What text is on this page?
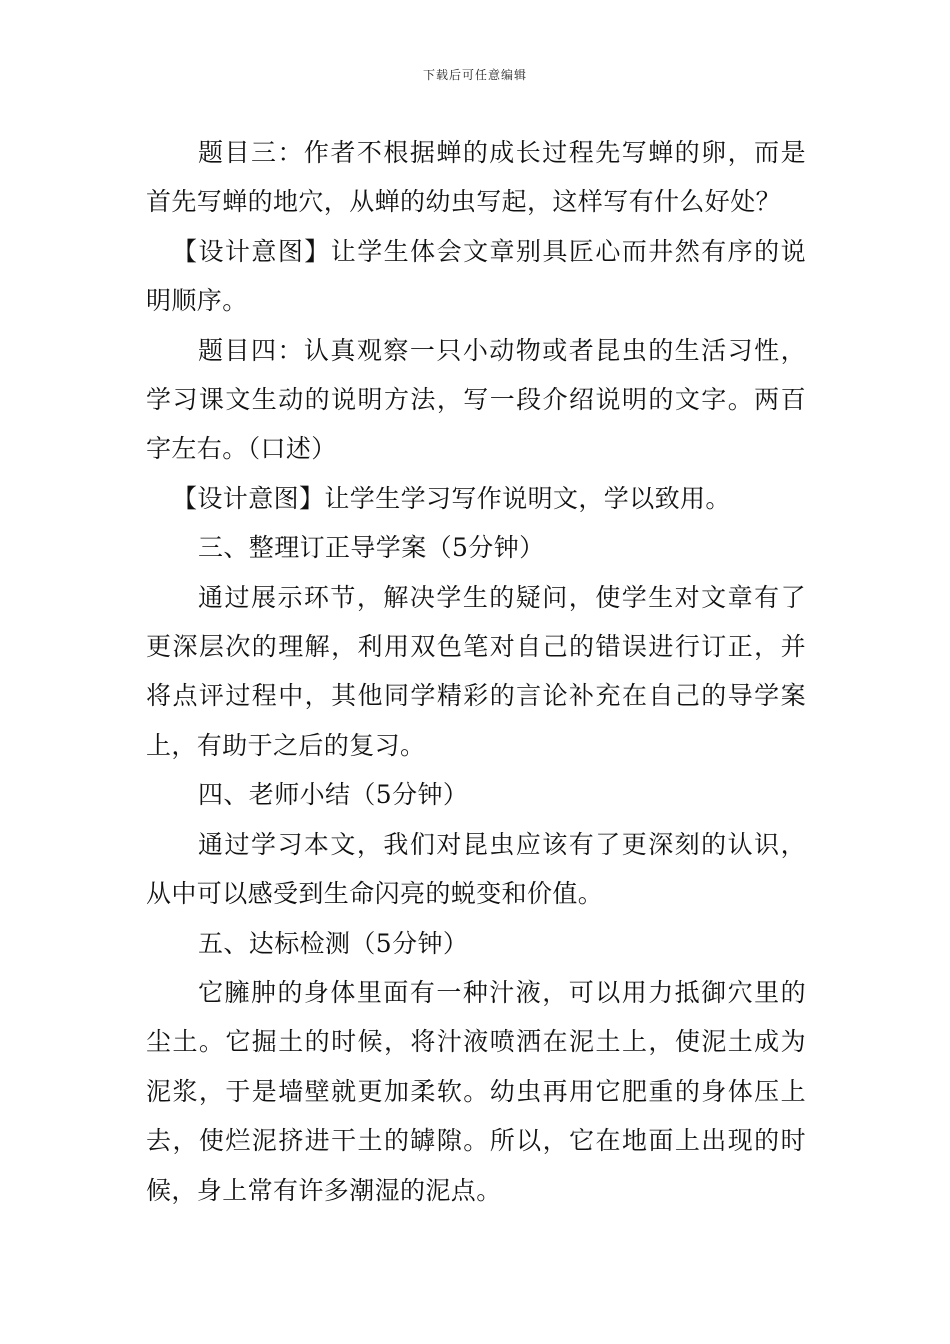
下载后可任意编辑

题目三：作者不根据蝉的成长过程先写蝉的卵，而是首先写蝉的地穴，从蝉的幼虫写起，这样写有什么好处？

【设计意图】让学生体会文章别具匠心而井然有序的说明顺序。

题目四：认真观察一只小动物或者昆虫的生活习性，学习课文生动的说明方法，写一段介绍说明的文字。两百字左右。（口述）

【设计意图】让学生学习写作说明文，学以致用。

三、整理订正导学案（5分钟）

通过展示环节，解决学生的疑问，使学生对文章有了更深层次的理解，利用双色笔对自己的错误进行订正，并将点评过程中，其他同学精彩的言论补充在自己的导学案上，有助于之后的复习。

四、老师小结（5分钟）

通过学习本文，我们对昆虫应该有了更深刻的认识，从中可以感受到生命闪亮的蜕变和价值。

五、达标检测（5分钟）

它臃肿的身体里面有一种汁液，可以用力抵御穴里的尘土。它掘土的时候，将汁液喷洒在泥土上，使泥土成为泥浆，于是墙壁就更加柔软。幼虫再用它肥重的身体压上去，使烂泥挤进干土的罅隙。所以，它在地面上出现的时候，身上常有许多潮湿的泥点。
